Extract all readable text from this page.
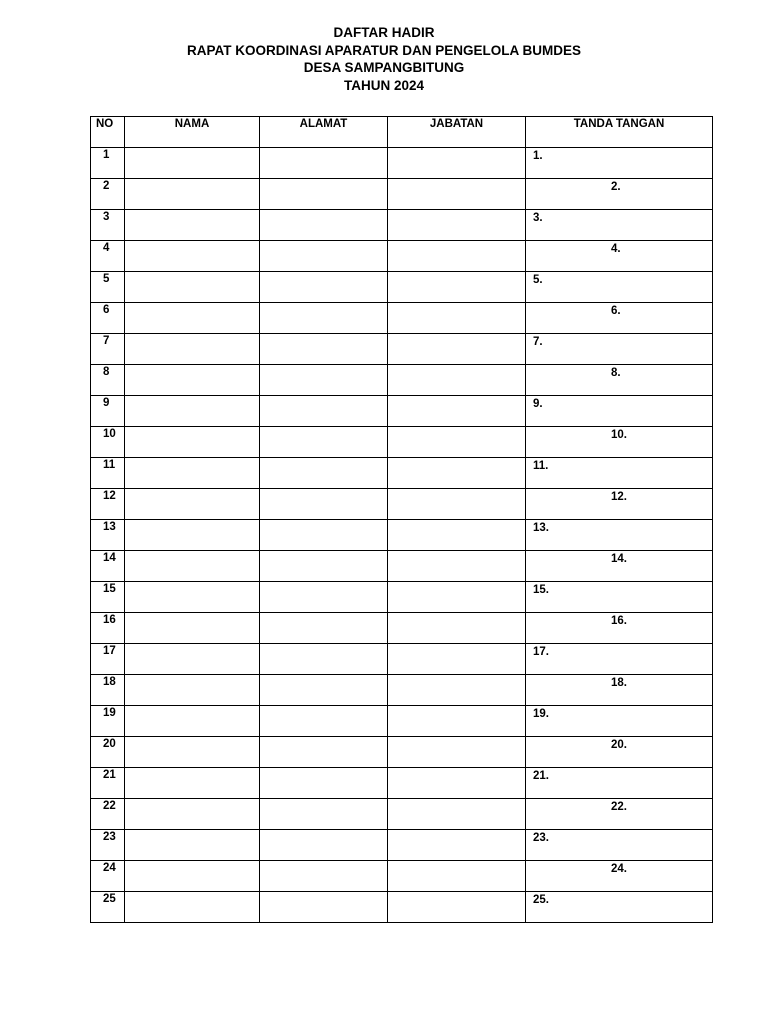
DAFTAR HADIR
RAPAT KOORDINASI APARATUR DAN PENGELOLA BUMDES
DESA SAMPANGBITUNG
TAHUN 2024
NO	NAMA	ALAMAT	JABATAN	TANDA TANGAN
1				1.

2				2.

3				3.

4				4.

5				5.

6				6.

7				7.

8				8.

9				9.

10				10.

11				11.

12				12.

13				13.

14				14.

15				15.

16				16.

17				17.

18				18.

19				19.

20				20.

21				21.

22				22.

23				23.

24				24.

25				25.
